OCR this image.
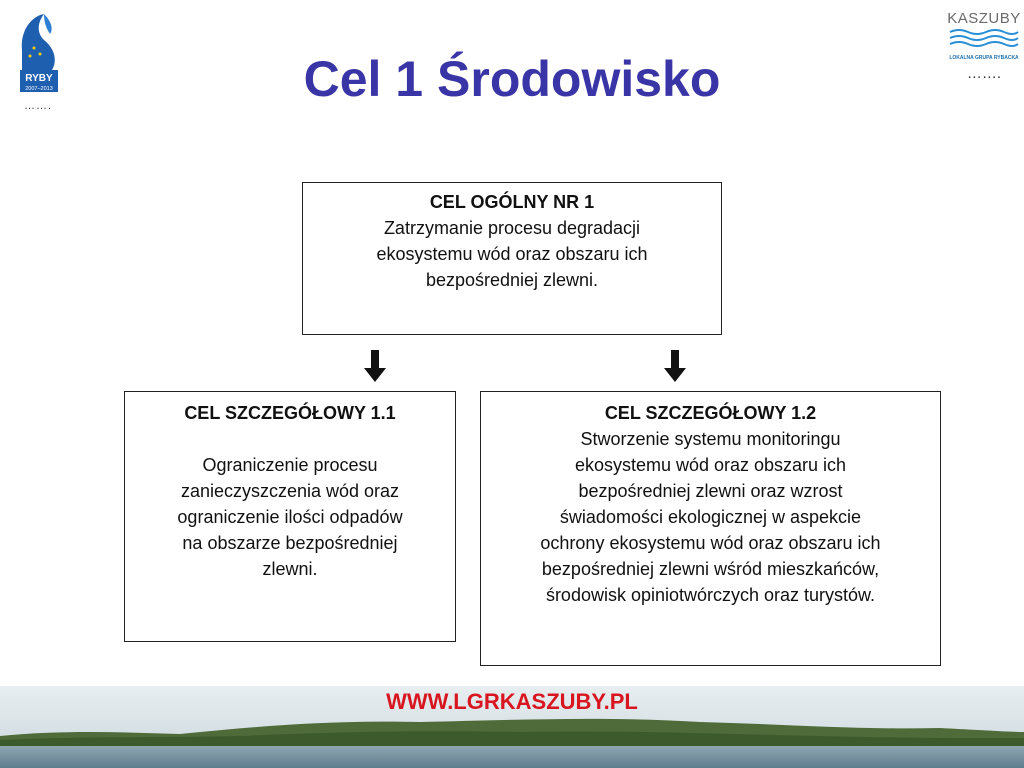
RYBY
2007–2013
…….
KASZUBY
LOKALNA GRUPA RYBACKA
…….
Cel 1 Środowisko
CEL OGÓLNY NR 1
Zatrzymanie procesu degradacji
ekosystemu wód oraz obszaru ich
bezpośredniej zlewni.
CEL SZCZEGÓŁOWY 1.1
Ograniczenie procesu
zanieczyszczenia wód oraz
ograniczenie ilości odpadów
na obszarze bezpośredniej
zlewni.
CEL SZCZEGÓŁOWY 1.2
Stworzenie systemu monitoringu
ekosystemu wód oraz obszaru ich
bezpośredniej zlewni oraz wzrost
świadomości ekologicznej w aspekcie
ochrony ekosystemu wód oraz obszaru ich
bezpośredniej zlewni wśród mieszkańców,
środowisk opiniotwórczych oraz turystów.
WWW.LGRKASZUBY.PL
